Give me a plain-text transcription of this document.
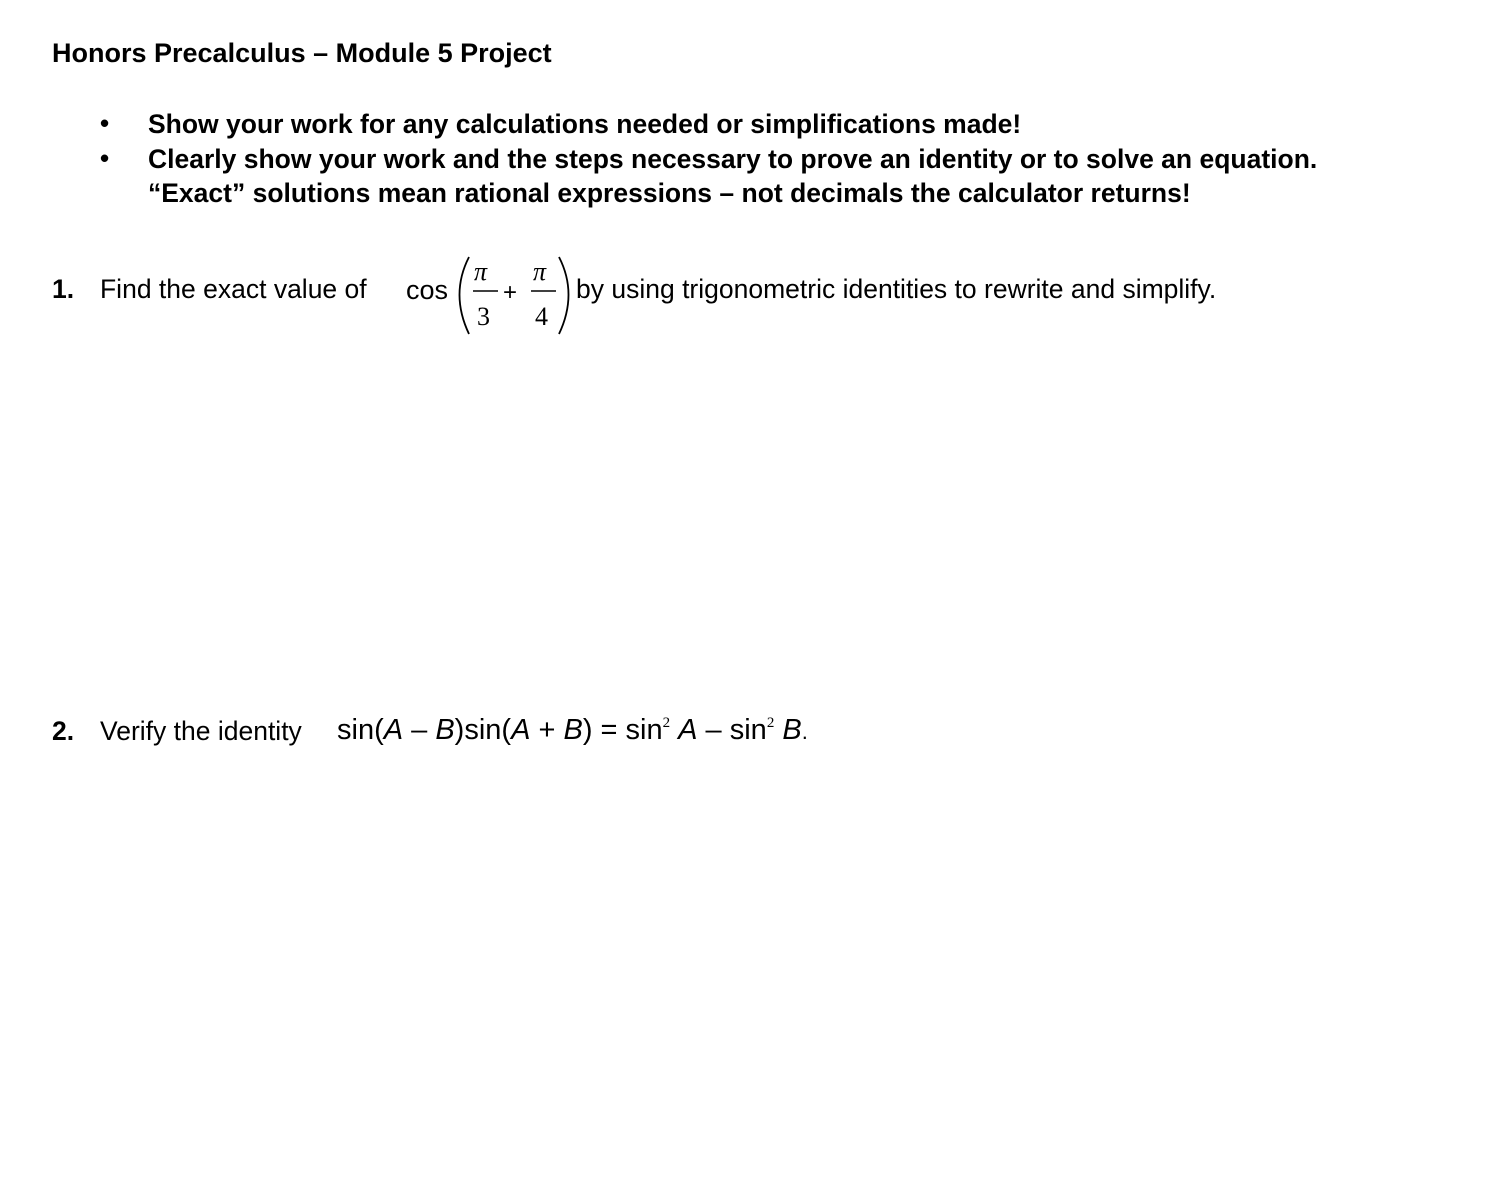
Honors Precalculus – Module 5 Project
• Show your work for any calculations needed or simplifications made!
• Clearly show your work and the steps necessary to prove an identity or to solve an equation.
“Exact” solutions mean rational expressions – not decimals the calculator returns!
1. Find the exact value of cos
π
3
+
π
4
by using trigonometric identities to rewrite and simplify.
2. Verify the identity $\sin(A - B)\sin(A + B) = \sin^2 A - \sin^2 B$.
